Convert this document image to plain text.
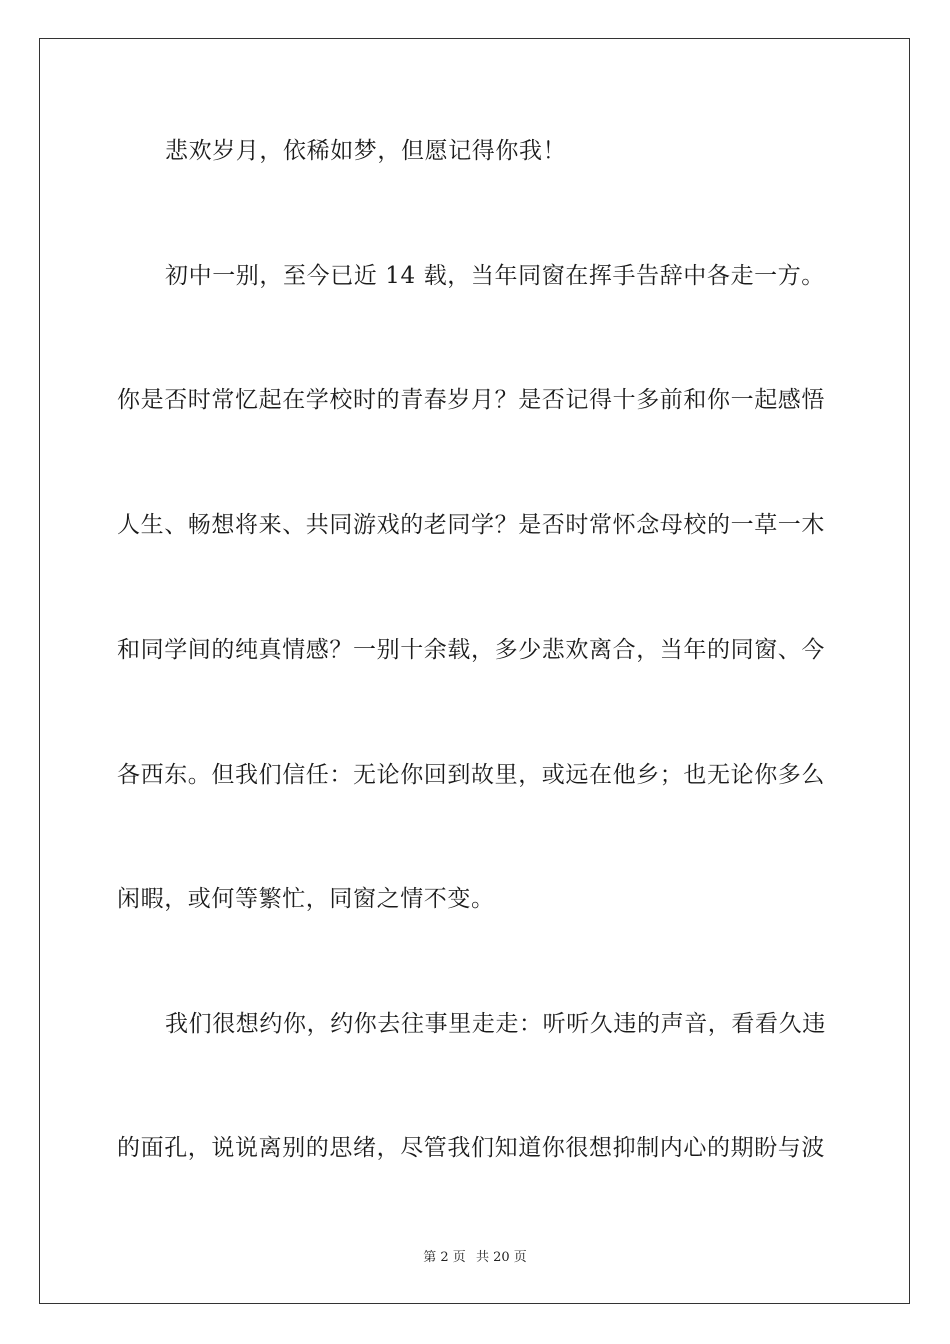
悲欢岁月，依稀如梦，但愿记得你我！
初中一别，至今已近 14 载，当年同窗在挥手告辞中各走一方。
你是否时常忆起在学校时的青春岁月？是否记得十多前和你一起感悟
人生、畅想将来、共同游戏的老同学？是否时常怀念母校的一草一木
和同学间的纯真情感？一别十余载，多少悲欢离合，当年的同窗、今
各西东。但我们信任：无论你回到故里，或远在他乡；也无论你多么
闲暇，或何等繁忙，同窗之情不变。
我们很想约你，约你去往事里走走：听听久违的声音，看看久违
的面孔，说说离别的思绪，尽管我们知道你很想抑制内心的期盼与波
第 2 页 共 20 页
